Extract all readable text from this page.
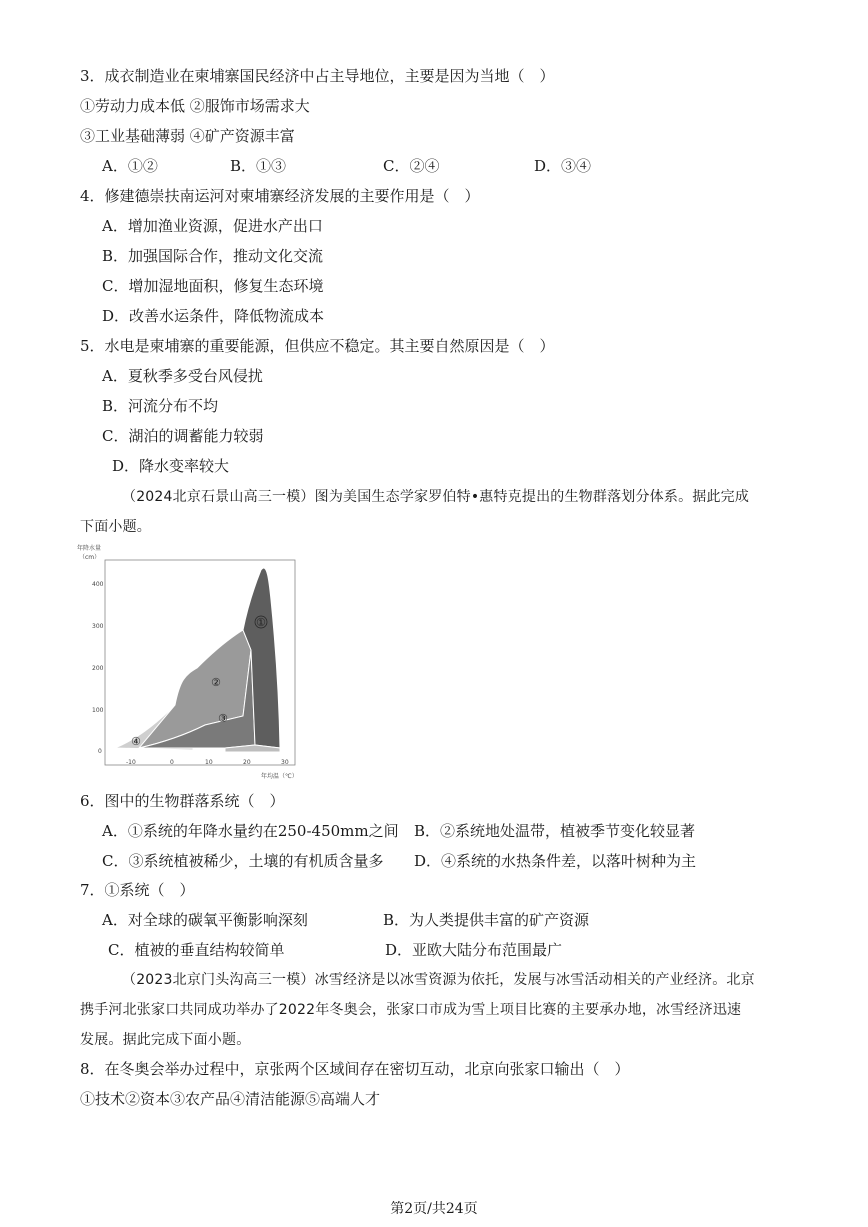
3．成衣制造业在柬埔寨国民经济中占主导地位，主要是因为当地（　）
①劳动力成本低 ②服饰市场需求大
③工业基础薄弱 ④矿产资源丰富
A．①②	B．①③	C．②④	D．③④
4．修建德崇扶南运河对柬埔寨经济发展的主要作用是（　）
A．增加渔业资源，促进水产出口
B．加强国际合作，推动文化交流
C．增加湿地面积，修复生态环境
D．改善水运条件，降低物流成本
5．水电是柬埔寨的重要能源，但供应不稳定。其主要自然原因是（　）
A．夏秋季多受台风侵扰
B．河流分布不均
C．湖泊的调蓄能力较弱
D．降水变率较大
（2024北京石景山高三一模）图为美国生态学家罗伯特•惠特克提出的生物群落划分体系。据此完成
下面小题。
年降水量
（cm）
400
300
200
100
0
①
②
③
④
-10	0	10	20	30
年均温（℃）
6．图中的生物群落系统（　）
A．①系统的年降水量约在250-450mm之间 B．②系统地处温带，植被季节变化较显著
C．③系统植被稀少，土壤的有机质含量多 D．④系统的水热条件差，以落叶树种为主
7．①系统（　）
A．对全球的碳氧平衡影响深刻	B．为人类提供丰富的矿产资源
C．植被的垂直结构较简单	D．亚欧大陆分布范围最广
（2023北京门头沟高三一模）冰雪经济是以冰雪资源为依托，发展与冰雪活动相关的产业经济。北京
携手河北张家口共同成功举办了2022年冬奥会，张家口市成为雪上项目比赛的主要承办地，冰雪经济迅速
发展。据此完成下面小题。
8．在冬奥会举办过程中，京张两个区域间存在密切互动，北京向张家口输出（　）
①技术②资本③农产品④清洁能源⑤高端人才
第2页/共24页
